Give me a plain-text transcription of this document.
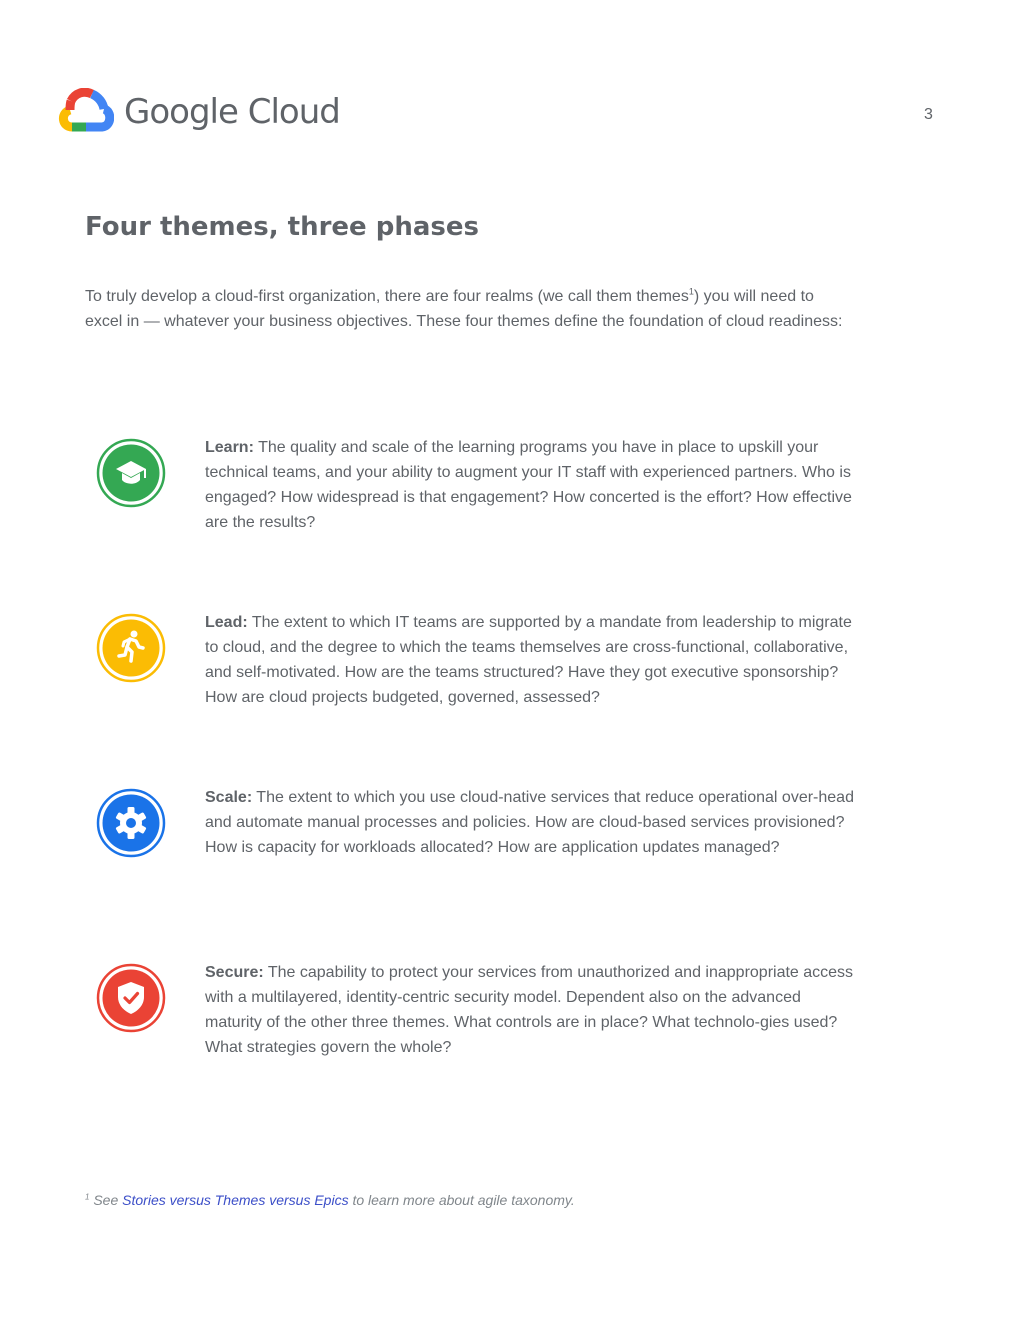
Google Cloud	3
Four themes, three phases

To truly develop a cloud-first organization, there are four realms (we call them themes$^1$) you will need to excel in — whatever your business objectives. These four themes define the foundation of cloud readiness:

Learn: The quality and scale of the learning programs you have in place to upskill your technical teams, and your ability to augment your IT staff with experienced partners. Who is engaged? How widespread is that engagement? How concerted is the effort? How effective are the results?

Lead: The extent to which IT teams are supported by a mandate from leadership to migrate to cloud, and the degree to which the teams themselves are cross-functional, collaborative, and self-motivated. How are the teams structured? Have they got executive sponsorship? How are cloud projects budgeted, governed, assessed?

Scale: The extent to which you use cloud-native services that reduce operational over-head and automate manual processes and policies. How are cloud-based services provisioned? How is capacity for workloads allocated? How are application updates managed?

Secure: The capability to protect your services from unauthorized and inappropriate access with a multilayered, identity-centric security model. Dependent also on the advanced maturity of the other three themes. What controls are in place? What technolo-gies used? What strategies govern the whole?

$^1$ See Stories versus Themes versus Epics to learn more about agile taxonomy.
